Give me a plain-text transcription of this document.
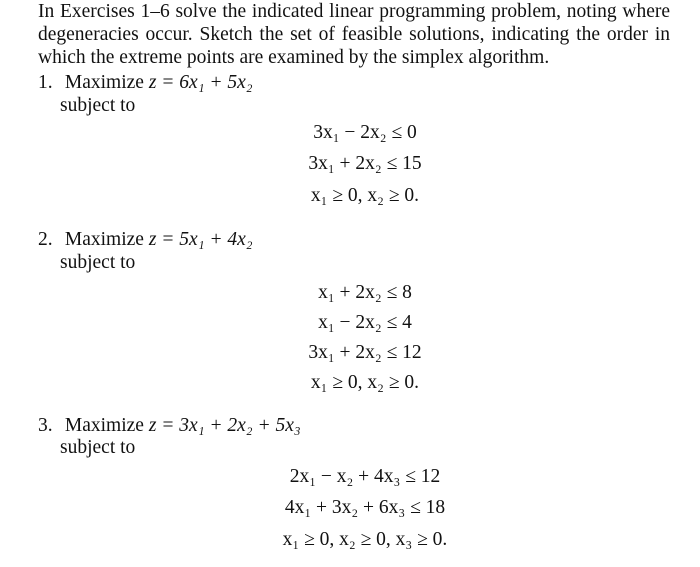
In Exercises 1–6 solve the indicated linear programming problem, noting where
degeneracies occur. Sketch the set of feasible solutions, indicating the order in
which the extreme points are examined by the simplex algorithm.
1. Maximize z = 6x₁ + 5x₂
subject to
3x₁ − 2x₂ ≤ 0
3x₁ + 2x₂ ≤ 15
x₁ ≥ 0, x₂ ≥ 0.
2. Maximize z = 5x₁ + 4x₂
subject to
x₁ + 2x₂ ≤ 8
x₁ − 2x₂ ≤ 4
3x₁ + 2x₂ ≤ 12
x₁ ≥ 0, x₂ ≥ 0.
3. Maximize z = 3x₁ + 2x₂ + 5x₃
subject to
2x₁ − x₂ + 4x₃ ≤ 12
4x₁ + 3x₂ + 6x₃ ≤ 18
x₁ ≥ 0, x₂ ≥ 0, x₃ ≥ 0.
